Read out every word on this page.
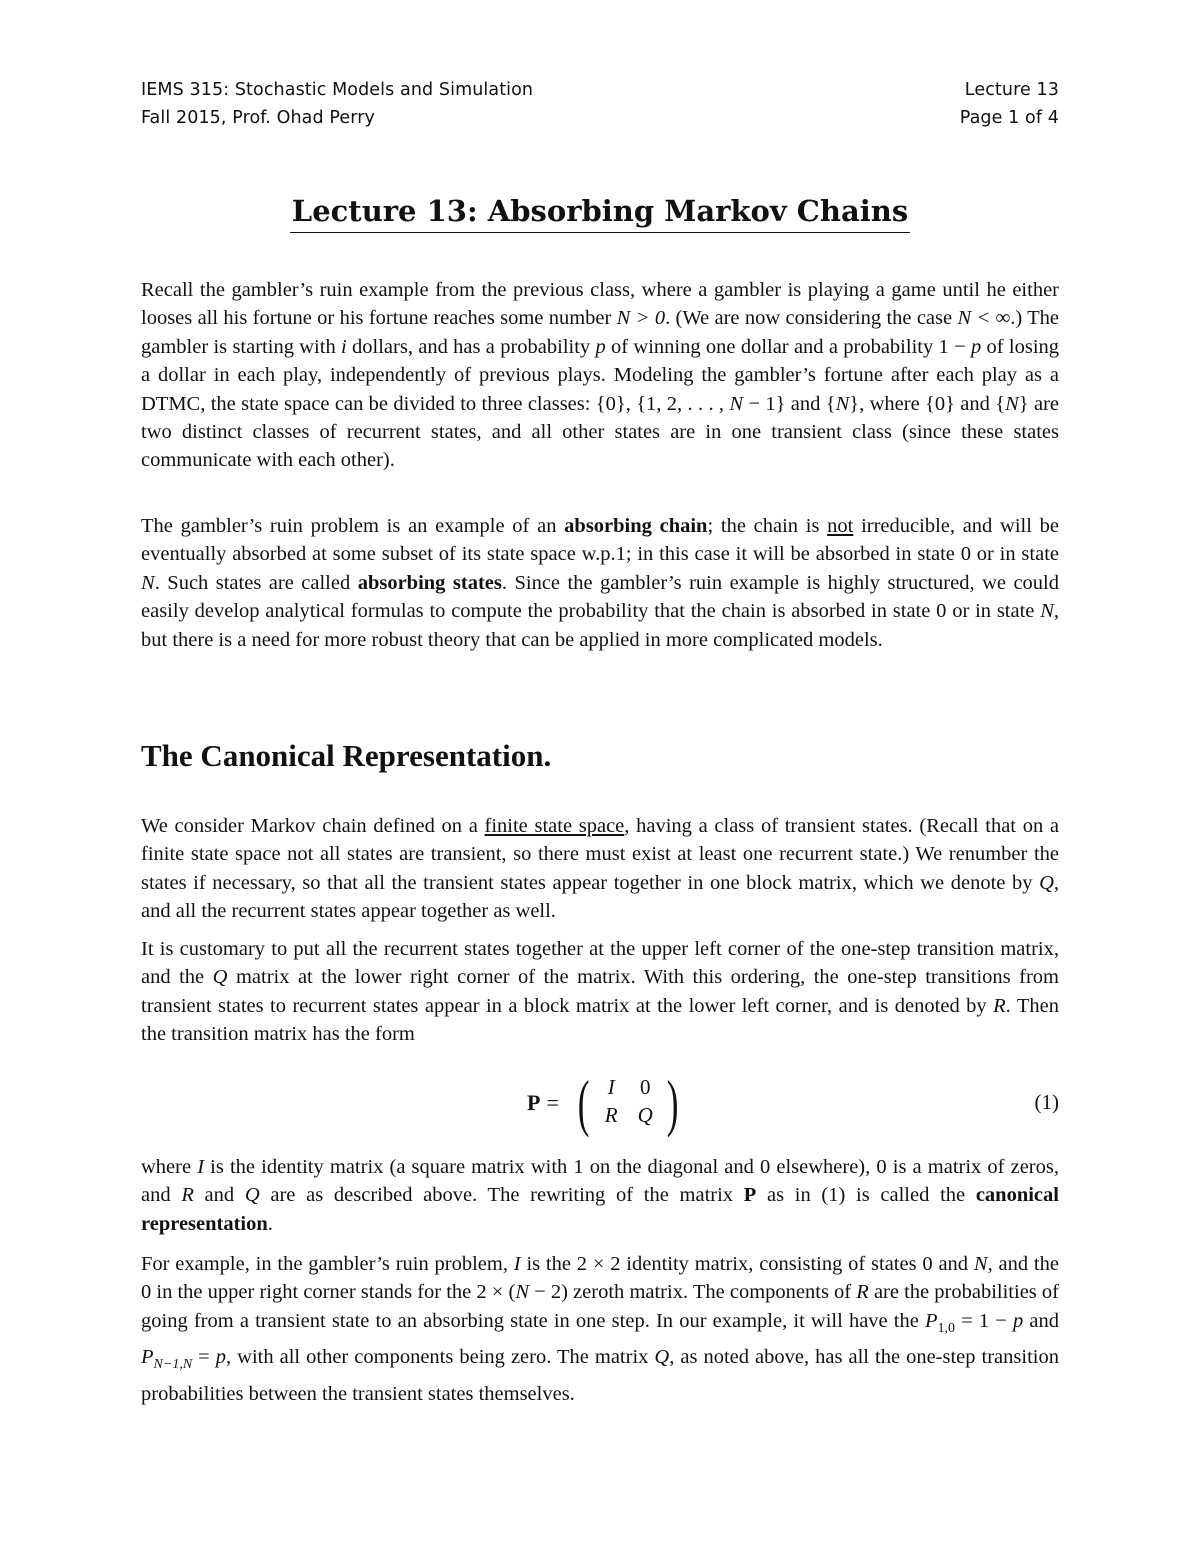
IEMS 315: Stochastic Models and Simulation
Fall 2015, Prof. Ohad Perry
Lecture 13
Page 1 of 4
Lecture 13: Absorbing Markov Chains

Recall the gambler’s ruin example from the previous class, where a gambler is playing a game until he either looses all his fortune or his fortune reaches some number N > 0. (We are now considering the case N < ∞.) The gambler is starting with i dollars, and has a probability p of winning one dollar and a probability 1 − p of losing a dollar in each play, independently of previous plays. Modeling the gambler’s fortune after each play as a DTMC, the state space can be divided to three classes: {0}, {1, 2, . . . , N − 1} and {N}, where {0} and {N} are two distinct classes of recurrent states, and all other states are in one transient class (since these states communicate with each other).

The gambler’s ruin problem is an example of an absorbing chain; the chain is not irreducible, and will be eventually absorbed at some subset of its state space w.p.1; in this case it will be absorbed in state 0 or in state N. Such states are called absorbing states. Since the gambler’s ruin example is highly structured, we could easily develop analytical formulas to compute the probability that the chain is absorbed in state 0 or in state N, but there is a need for more robust theory that can be applied in more complicated models.

The Canonical Representation.

We consider Markov chain defined on a finite state space, having a class of transient states. (Recall that on a finite state space not all states are transient, so there must exist at least one recurrent state.) We renumber the states if necessary, so that all the transient states appear together in one block matrix, which we denote by Q, and all the recurrent states appear together as well.

It is customary to put all the recurrent states together at the upper left corner of the one-step transition matrix, and the Q matrix at the lower right corner of the matrix. With this ordering, the one-step transitions from transient states to recurrent states appear in a block matrix at the lower left corner, and is denoted by R. Then the transition matrix has the form

P = ( I	0
R Q )	(1)

where I is the identity matrix (a square matrix with 1 on the diagonal and 0 elsewhere), 0 is a matrix of zeros, and R and Q are as described above. The rewriting of the matrix P as in (1) is called the canonical representation.

For example, in the gambler’s ruin problem, I is the 2 × 2 identity matrix, consisting of states 0 and N, and the 0 in the upper right corner stands for the 2 × (N − 2) zeroth matrix. The components of R are the probabilities of going from a transient state to an absorbing state in one step. In our example, it will have the $P_{1,0} = 1 - p$ and $P_{N-1,N} = p$, with all other components being zero. The matrix Q, as noted above, has all the one-step transition probabilities between the transient states themselves.
